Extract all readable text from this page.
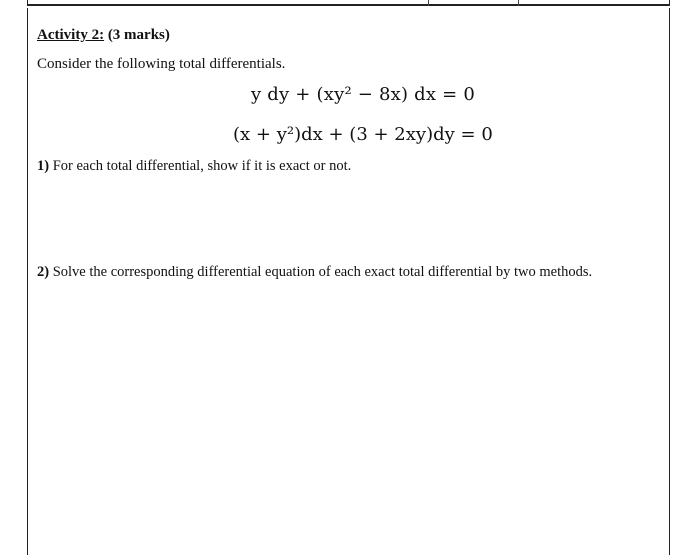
Activity 2: (3 marks)
Consider the following total differentials.
y dy + (xy² − 8x) dx = 0
(x + y²)dx + (3 + 2xy)dy = 0
1) For each total differential, show if it is exact or not.
2) Solve the corresponding differential equation of each exact total differential by two methods.
